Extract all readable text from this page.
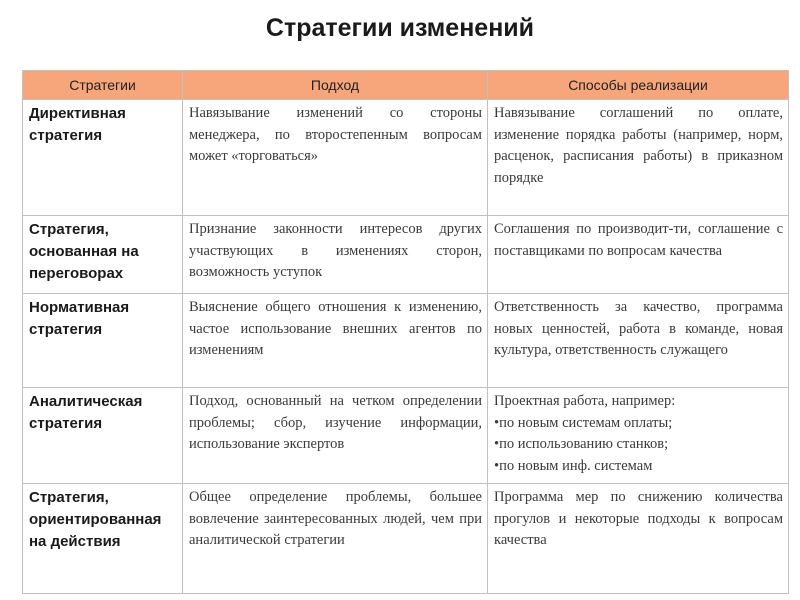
Стратегии изменений
Стратегии	Подход	Способы реализации
Директивная стратегия	Навязывание изменений со стороны менеджера, по второстепенным вопросам может «торговаться»	Навязывание соглашений по оплате, изменение порядка работы (например, норм, расценок, расписания работы) в приказном порядке
Стратегия, основанная на переговорах	Признание законности интересов других участвующих в изменениях сторон, возможность уступок	Соглашения по производит-ти, соглашение с поставщиками по вопросам качества
Нормативная стратегия	Выяснение общего отношения к изменению, частое использование внешних агентов по изменениям	Ответственность за качество, программа новых ценностей, работа в команде, новая культура, ответственность служащего
Аналитическая стратегия	Подход, основанный на четком определении проблемы; сбор, изучение информации, использование экспертов	Проектная работа, например:
• по новым системам оплаты;
• по использованию станков;
• по новым инф. системам

Стратегия, ориентированная на действия	Общее определение проблемы, большее вовлечение заинтересованных людей, чем при аналитической стратегии	Программа мер по снижению количества прогулов и некоторые подходы к вопросам качества
